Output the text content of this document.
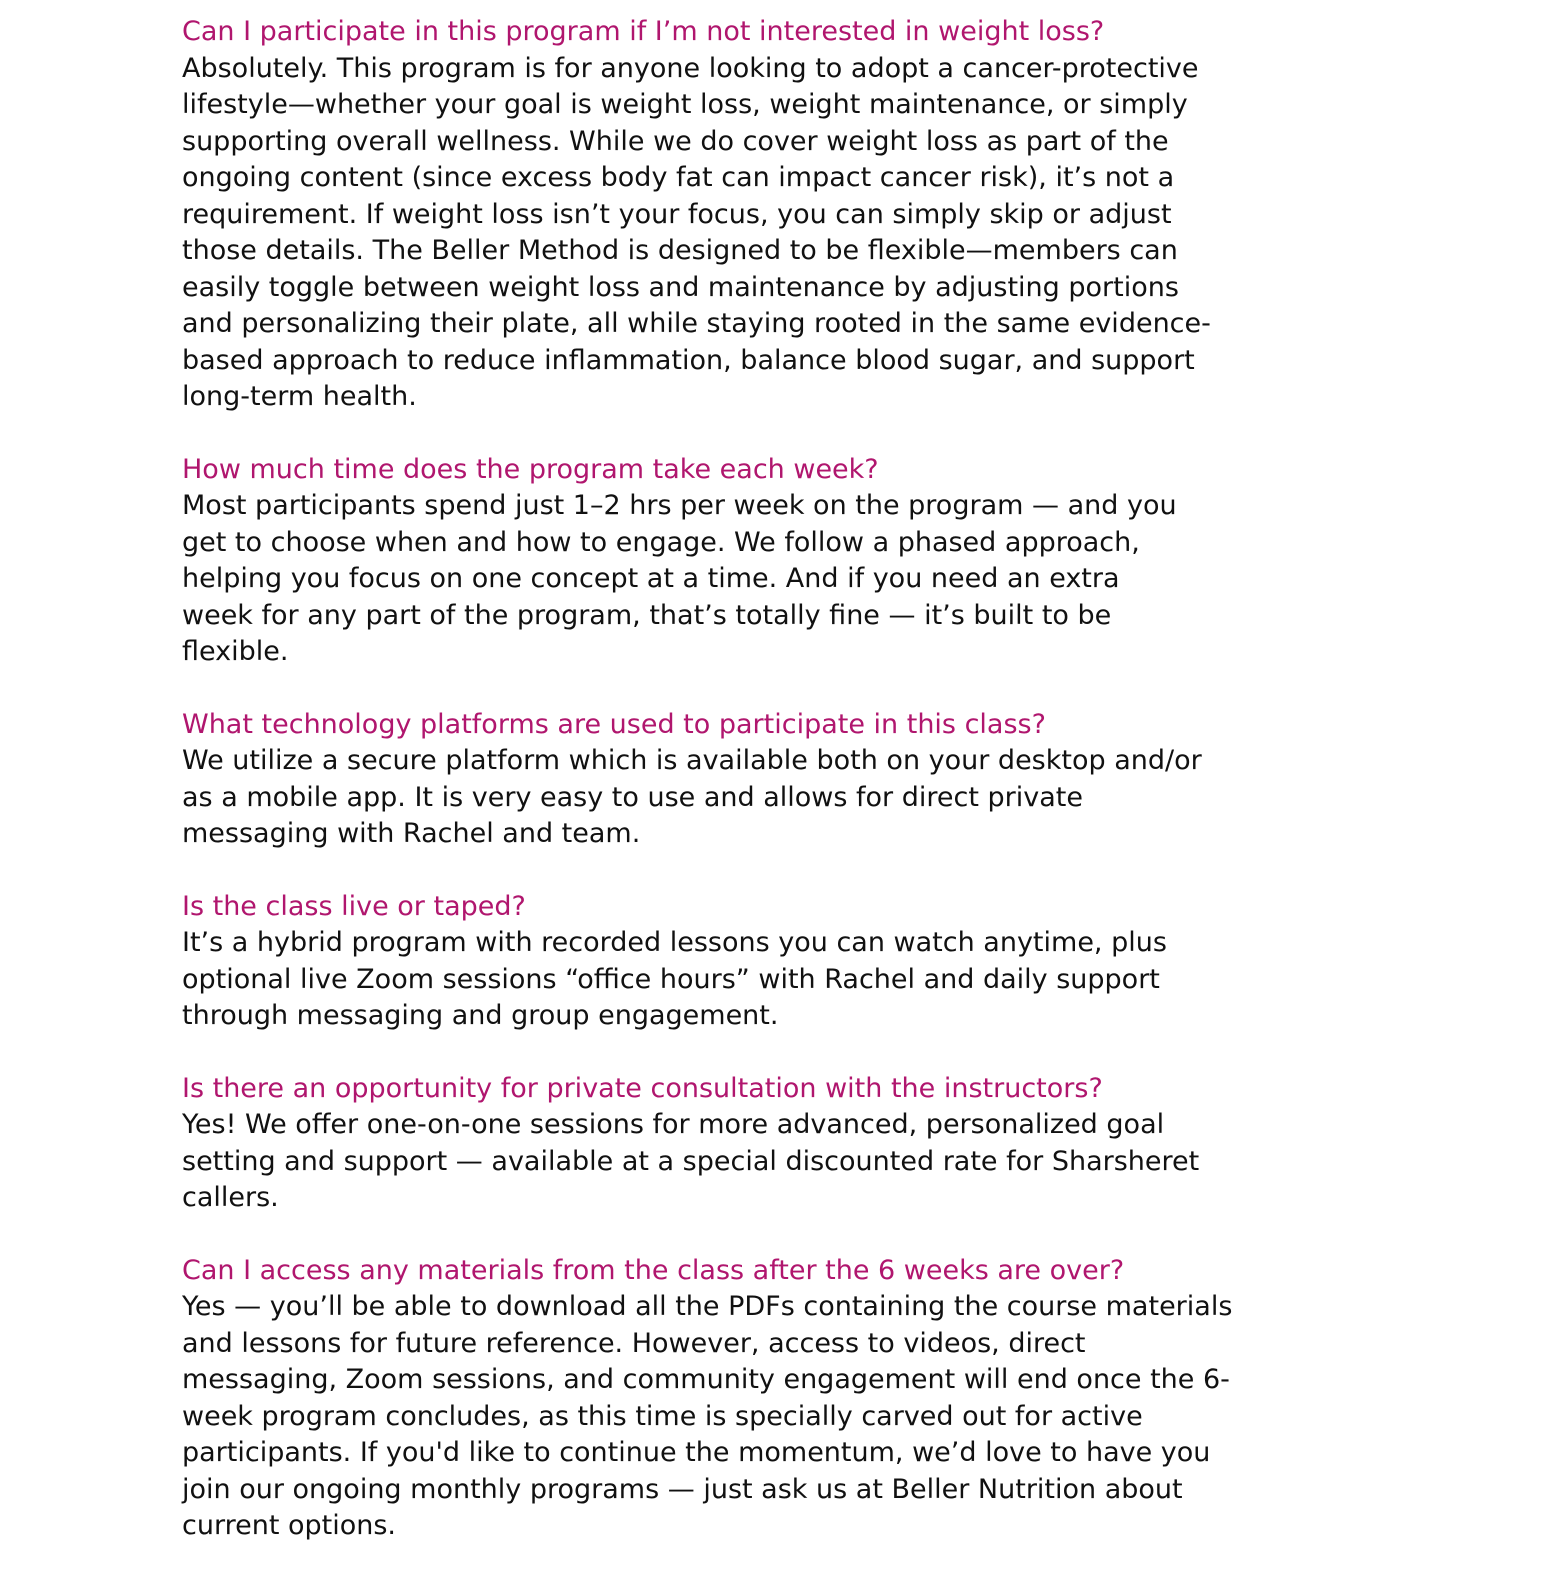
Can I participate in this program if I’m not interested in weight loss?

Absolutely. This program is for anyone looking to adopt a cancer-protective

lifestyle—whether your goal is weight loss, weight maintenance, or simply

supporting overall wellness. While we do cover weight loss as part of the

ongoing content (since excess body fat can impact cancer risk), it’s not a

requirement. If weight loss isn’t your focus, you can simply skip or adjust

those details. The Beller Method is designed to be flexible—members can

easily toggle between weight loss and maintenance by adjusting portions

and personalizing their plate, all while staying rooted in the same evidence-

based approach to reduce inflammation, balance blood sugar, and support

long-term health.

How much time does the program take each week?

Most participants spend just 1–2 hrs per week on the program — and you

get to choose when and how to engage. We follow a phased approach,

helping you focus on one concept at a time. And if you need an extra

week for any part of the program, that’s totally fine — it’s built to be

flexible.

What technology platforms are used to participate in this class?

We utilize a secure platform which is available both on your desktop and/or

as a mobile app. It is very easy to use and allows for direct private

messaging with Rachel and team.

Is the class live or taped?

It’s a hybrid program with recorded lessons you can watch anytime, plus

optional live Zoom sessions “office hours” with Rachel and daily support

through messaging and group engagement.

Is there an opportunity for private consultation with the instructors?

Yes! We offer one-on-one sessions for more advanced, personalized goal

setting and support — available at a special discounted rate for Sharsheret

callers.

Can I access any materials from the class after the 6 weeks are over?

Yes — you’ll be able to download all the PDFs containing the course materials

and lessons for future reference. However, access to videos, direct

messaging, Zoom sessions, and community engagement will end once the 6-

week program concludes, as this time is specially carved out for active

participants. If you'd like to continue the momentum, we’d love to have you

join our ongoing monthly programs — just ask us at Beller Nutrition about

current options.
